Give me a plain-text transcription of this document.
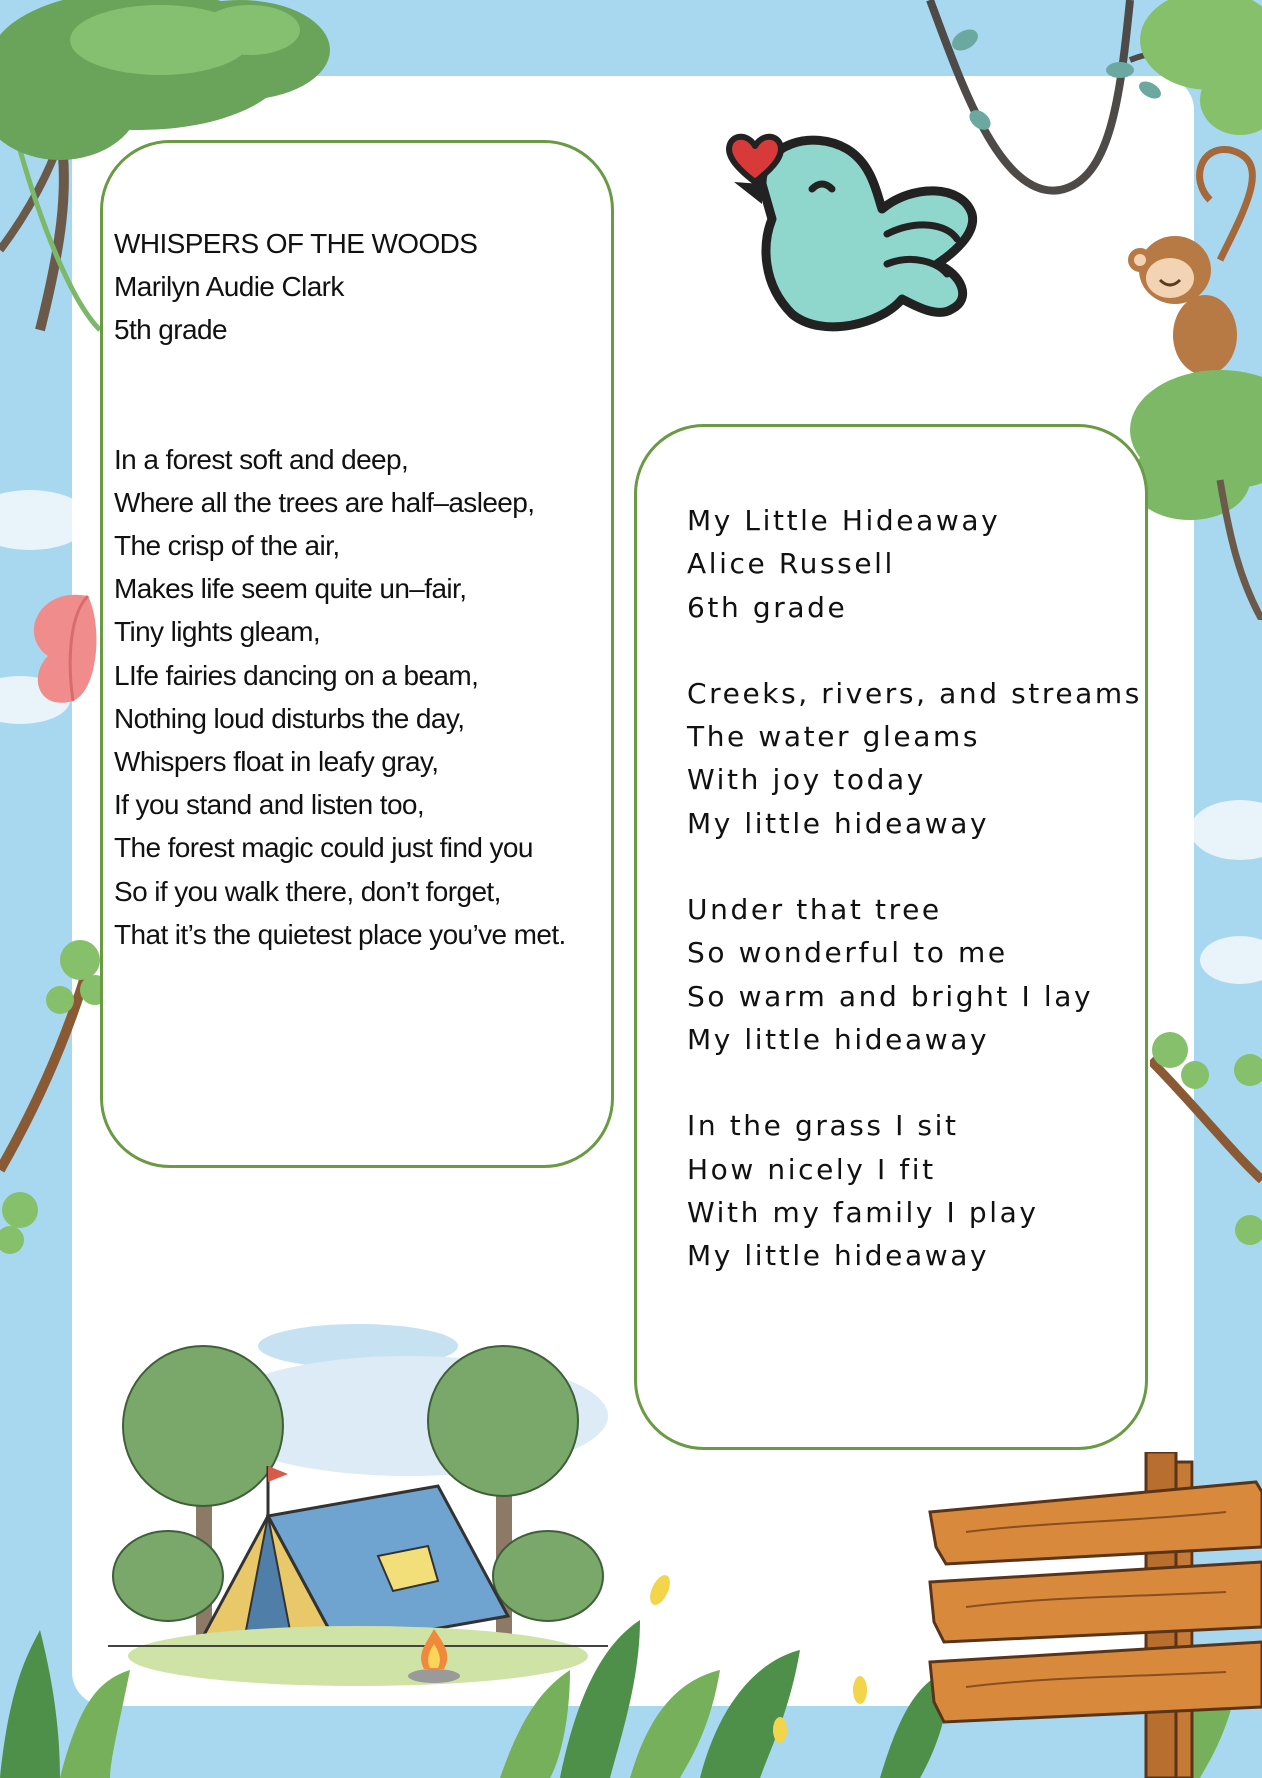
WHISPERS OF THE WOODS
Marilyn Audie Clark
5th grade
In a forest soft and deep,
Where all the trees are half–asleep,
The crisp of the air,
Makes life seem quite un–fair,
Tiny lights gleam,
LIfe fairies dancing on a beam,
Nothing loud disturbs the day,
Whispers float in leafy gray,
If you stand and listen too,
The forest magic could just find you
So if you walk there, don’t forget,
That it’s the quietest place you’ve met.
My Little Hideaway
Alice Russell
6th grade
Creeks, rivers, and streams
The water gleams
With joy today
My little hideaway
Under that tree
So wonderful to me
So warm and bright I lay
My little hideaway
In the grass I sit
How nicely I fit
With my family I play
My little hideaway
